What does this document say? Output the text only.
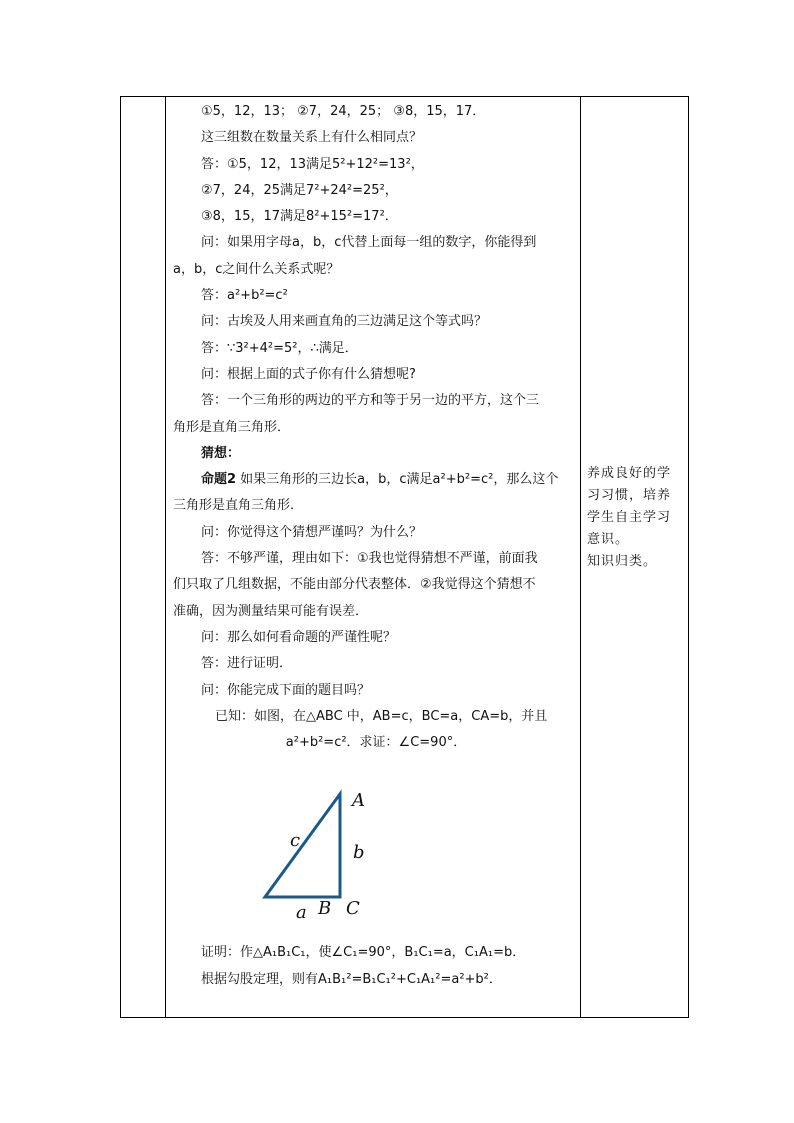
①5，12，13； ②7，24，25； ③8，15，17．

这三组数在数量关系上有什么相同点？

答：①5，12，13满足5²+12²=13²，

②7，24，25满足7²+24²=25²，

③8，15，17满足8²+15²=17²．

问：如果用字母a，b，c代替上面每一组的数字，你能得到

a，b，c之间什么关系式呢？

答：a²+b²=c²

问：古埃及人用来画直角的三边满足这个等式吗？

答：∵3²+4²=5²，∴满足．

问：根据上面的式子你有什么猜想呢?

答：一个三角形的两边的平方和等于另一边的平方，这个三

角形是直角三角形．

猜想：

命题2 如果三角形的三边长a，b，c满足a²+b²=c²，那么这个

三角形是直角三角形．

问：你觉得这个猜想严谨吗？为什么？

答：不够严谨，理由如下：①我也觉得猜想不严谨，前面我

们只取了几组数据，不能由部分代表整体．②我觉得这个猜想不

准确，因为测量结果可能有误差．

问：那么如何看命题的严谨性呢？

答：进行证明．

问：你能完成下面的题目吗？

已知：如图，在△ABC 中，AB=c，BC=a，CA=b，并且

a²+b²=c²．求证：∠C=90°．

证明：作△A₁B₁C₁，使∠C₁=90°，B₁C₁=a，C₁A₁=b．

根据勾股定理，则有A₁B₁²=B₁C₁²+C₁A₁²=a²+b²．

养成良好的学
习习惯，培养
学生自主学习
意识。
知识归类。
A
B C
a
b
c
